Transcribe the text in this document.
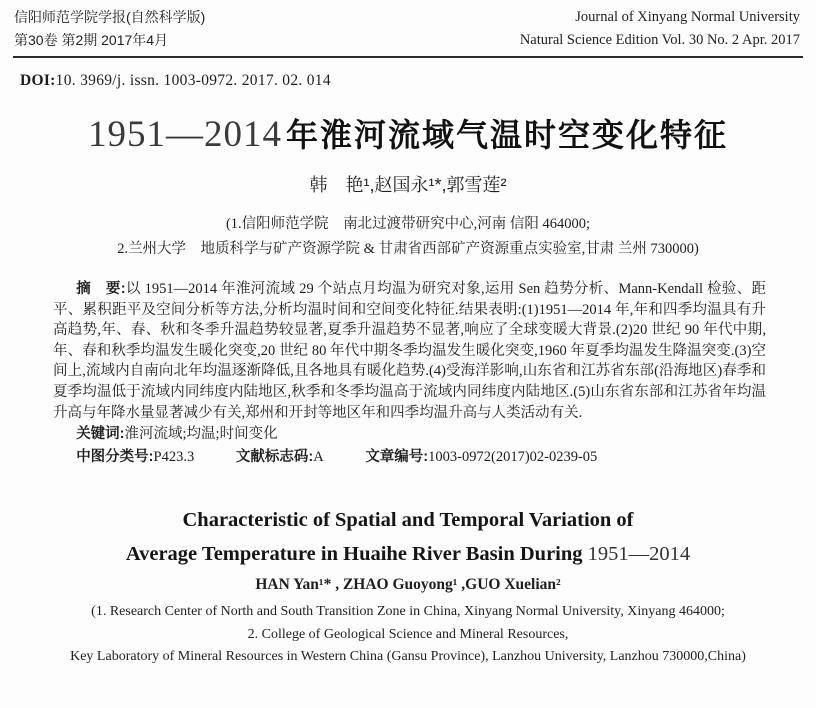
信阳师范学院学报(自然科学版)
第30卷 第2期 2017年4月
Journal of Xinyang Normal University
Natural Science Edition Vol. 30 No. 2 Apr. 2017
DOI:10. 3969/j. issn. 1003-0972. 2017. 02. 014
1951—2014 年淮河流域气温时空变化特征
韩　艳¹,赵国永¹*,郭雪莲²
(1.信阳师范学院　南北过渡带研究中心,河南 信阳 464000;
2.兰州大学　地质科学与矿产资源学院 & 甘肃省西部矿产资源重点实验室,甘肃 兰州 730000)

摘　要:以 1951—2014 年淮河流域 29 个站点月均温为研究对象,运用 Sen 趋势分析、Mann-Kendall 检验、距平、累积距平及空间分析等方法,分析均温时间和空间变化特征.结果表明:(1)1951—2014 年,年和四季均温具有升高趋势,年、春、秋和冬季升温趋势较显著,夏季升温趋势不显著,响应了全球变暖大背景.(2)20 世纪 90 年代中期,年、春和秋季均温发生暖化突变,20 世纪 80 年代中期冬季均温发生暖化突变,1960 年夏季均温发生降温突变.(3)空间上,流域内自南向北年均温逐渐降低,且各地具有暖化趋势.(4)受海洋影响,山东省和江苏省东部(沿海地区)春季和夏季均温低于流域内同纬度内陆地区,秋季和冬季均温高于流域内同纬度内陆地区.(5)山东省东部和江苏省年均温升高与年降水量显著减少有关,郑州和开封等地区年和四季均温升高与人类活动有关.

关键词:淮河流域;均温;时间变化
中图分类号:P423.3	文献标志码:A	文章编号:1003-0972(2017)02-0239-05
Characteristic of Spatial and Temporal Variation of
Average Temperature in Huaihe River Basin During 1951—2014
HAN Yan¹* , ZHAO Guoyong¹ ,GUO Xuelian²
(1. Research Center of North and South Transition Zone in China, Xinyang Normal University, Xinyang 464000;
2. College of Geological Science and Mineral Resources,
Key Laboratory of Mineral Resources in Western China (Gansu Province), Lanzhou University, Lanzhou 730000,China)
